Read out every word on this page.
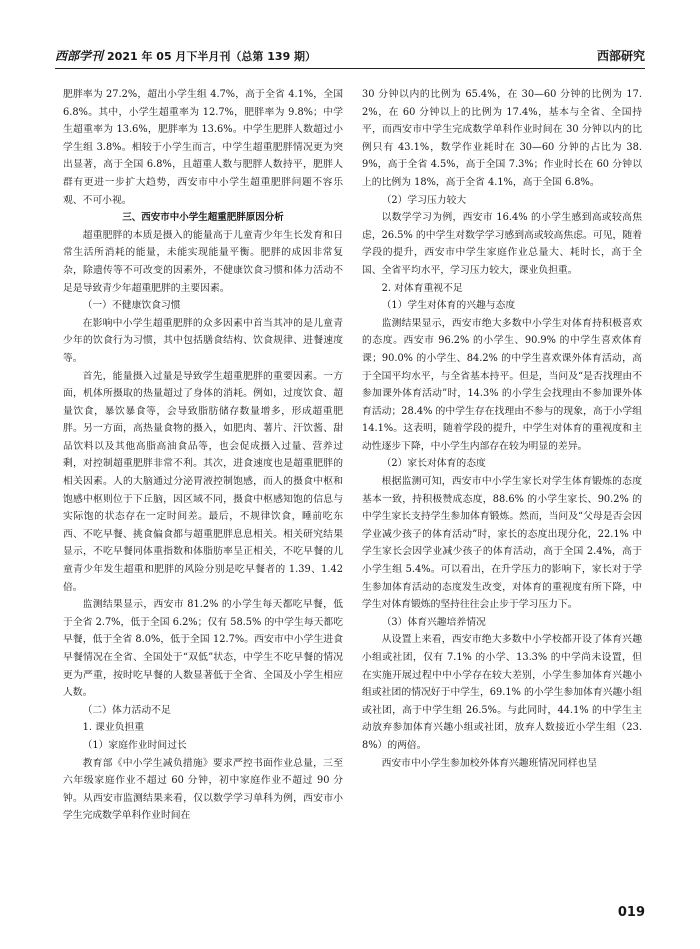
西部学刊 2021 年 05 月下半月刊（总第 139 期）	西部研究

肥胖率为 27.2%，超出小学生组 4.7%，高于全省 4.1%，全国 6.8%。其中，小学生超重率为 12.7%，肥胖率为 9.8%；中学生超重率为 13.6%，肥胖率为 13.6%。中学生肥胖人数超过小学生组 3.8%。相较于小学生而言，中学生超重肥胖情况更为突出显著，高于全国 6.8%，且超重人数与肥胖人数持平，肥胖人群有更进一步扩大趋势，西安市中小学生超重肥胖问题不容乐观、不可小视。

三、西安市中小学生超重肥胖原因分析

超重肥胖的本质是摄入的能量高于儿童青少年生长发育和日常生活所消耗的能量，未能实现能量平衡。肥胖的成因非常复杂，除遗传等不可改变的因素外，不健康饮食习惯和体力活动不足是导致青少年超重肥胖的主要因素。

（一）不健康饮食习惯

在影响中小学生超重肥胖的众多因素中首当其冲的是儿童青少年的饮食行为习惯，其中包括膳食结构、饮食规律、进餐速度等。

首先，能量摄入过量是导致学生超重肥胖的重要因素。一方面，机体所摄取的热量超过了身体的消耗。例如，过度饮食、超量饮食，暴饮暴食等，会导致脂肪储存数量增多，形成超重肥胖。另一方面，高热量食物的摄入，如肥肉、薯片、汗饮酱、甜品饮料以及其他高脂高油食品等，也会促成摄入过量、营养过剩，对控制超重肥胖非常不利。其次，进食速度也是超重肥胖的相关因素。人的大脑通过分泌胃液控制饱感，而人的摄食中枢和饱感中枢则位于下丘脑，因区域不同，摄食中枢感知饱的信息与实际饱的状态存在一定时间差。最后，不规律饮食，睡前吃东西、不吃早餐、挑食偏食都与超重肥胖息息相关。相关研究结果显示，不吃早餐同体重指数和体脂肪率呈正相关，不吃早餐的儿童青少年发生超重和肥胖的风险分别是吃早餐者的 1.39、1.42 倍。

监测结果显示，西安市 81.2% 的小学生每天都吃早餐，低于全省 2.7%，低于全国 6.2%；仅有 58.5% 的中学生每天都吃早餐，低于全省 8.0%，低于全国 12.7%。西安市中小学生进食早餐情况在全省、全国处于“双低”状态，中学生不吃早餐的情况更为严重，按时吃早餐的人数显著低于全省、全国及小学生相应人数。

（二）体力活动不足

1. 课业负担重

（1）家庭作业时间过长

教育部《中小学生减负措施》要求严控书面作业总量，三至六年级家庭作业不超过 60 分钟，初中家庭作业不超过 90 分钟。从西安市监测结果来看，仅以数学学习单科为例，西安市小学生完成数学单科作业时间在

30 分钟以内的比例为 65.4%，在 30—60 分钟的比例为 17.2%，在 60 分钟以上的比例为 17.4%，基本与全省、全国持平，而西安市中学生完成数学单科作业时间在 30 分钟以内的比例只有 43.1%，数学作业耗时在 30—60 分钟的占比为 38.9%，高于全省 4.5%，高于全国 7.3%；作业时长在 60 分钟以上的比例为 18%，高于全省 4.1%，高于全国 6.8%。

（2）学习压力较大

以数学学习为例，西安市 16.4% 的小学生感到高或较高焦虑，26.5% 的中学生对数学学习感到高或较高焦虑。可见，随着学段的提升，西安市中学生家庭作业总量大、耗时长，高于全国、全省平均水平，学习压力较大，课业负担重。

2. 对体育重视不足

（1）学生对体育的兴趣与态度

监测结果显示，西安市绝大多数中小学生对体育持积极喜欢的态度。西安市 96.2% 的小学生、90.9% 的中学生喜欢体育课；90.0% 的小学生、84.2% 的中学生喜欢课外体育活动，高于全国平均水平，与全省基本持平。但是，当问及“是否找理由不参加课外体育活动”时，14.3% 的小学生会找理由不参加课外体育活动；28.4% 的中学生存在找理由不参与的现象，高于小学组 14.1%。这表明，随着学段的提升，中学生对体育的重视度和主动性逐步下降，中小学生内部存在较为明显的差异。

（2）家长对体育的态度

根据监测可知，西安市中小学生家长对学生体育锻炼的态度基本一致，持积极赞成态度，88.6% 的小学生家长、90.2% 的中学生家长支持学生参加体育锻炼。然而，当问及“父母是否会因学业减少孩子的体育活动”时，家长的态度出现分化，22.1% 中学生家长会因学业减少孩子的体育活动，高于全国 2.4%，高于小学生组 5.4%。可以看出，在升学压力的影响下，家长对于学生参加体育活动的态度发生改变，对体育的重视度有所下降，中学生对体育锻炼的坚持往往会止步于学习压力下。

（3）体育兴趣培养情况

从设置上来看，西安市绝大多数中小学校都开设了体育兴趣小组或社团，仅有 7.1% 的小学、13.3% 的中学尚未设置，但在实施开展过程中中小学存在较大差别，小学生参加体育兴趣小组或社团的情况好于中学生，69.1% 的小学生参加体育兴趣小组或社团，高于中学生组 26.5%。与此同时，44.1% 的中学生主动放弃参加体育兴趣小组或社团，放弃人数接近小学生组（23.8%）的两倍。

西安市中小学生参加校外体育兴趣班情况同样也呈

019
